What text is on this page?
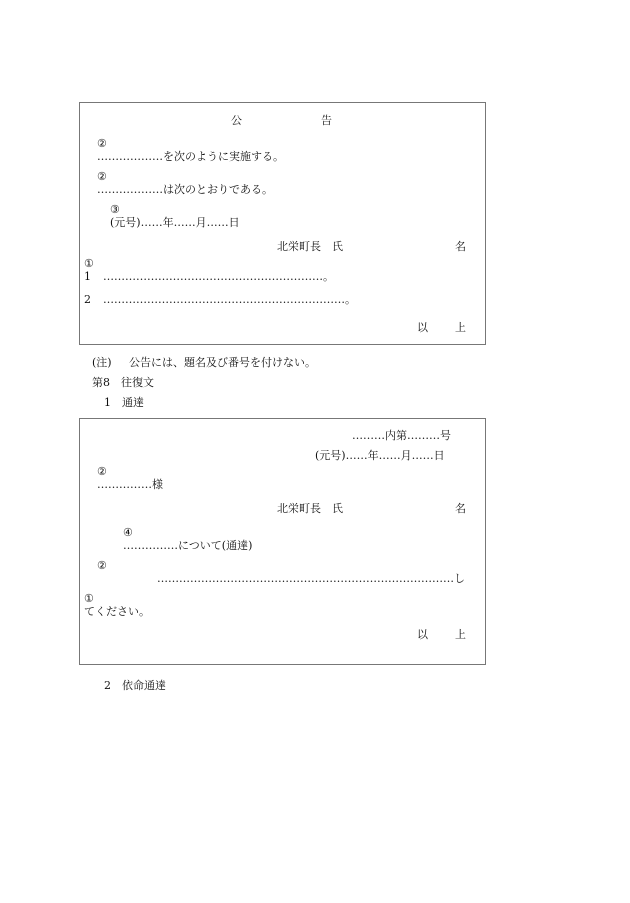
公	告
②
………………を次のように実施する。
②
………………は次のとおりである。
③
(元号)……年……月……日
北栄町長　氏	名
①
1 ……………………………………………………。
2 …………………………………………………………。
以 上
(注) 公告には、題名及び番号を付けない。
第8　往復文
1　通達
………内第………号
(元号)……年……月……日
②
……………様
北栄町長　氏	名
④
……………について(通達)
②
………………………………………………………………………し
①
てください。
以 上
2　依命通達
